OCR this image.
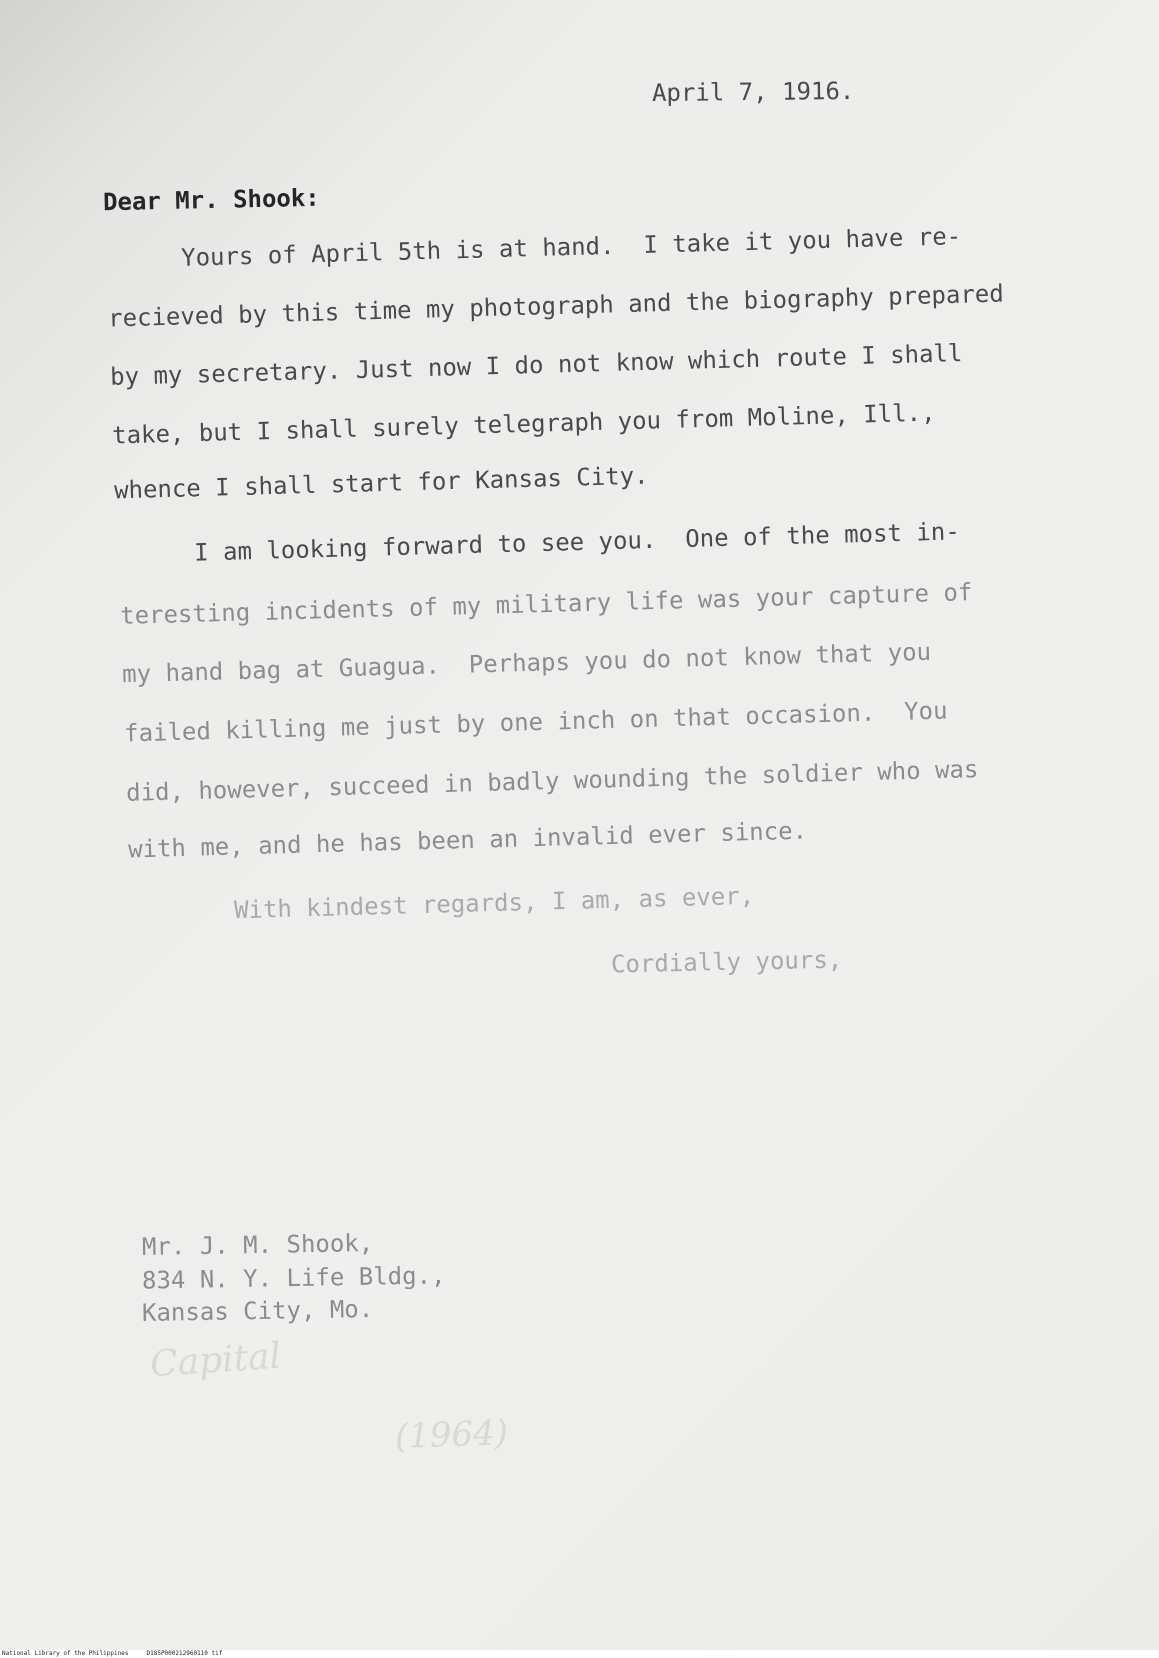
April 7, 1916.
Dear Mr. Shook:
Yours of April 5th is at hand.  I take it you have re-
recieved by this time my photograph and the biography prepared
by my secretary. Just now I do not know which route I shall
take, but I shall surely telegraph you from Moline, Ill.,
whence I shall start for Kansas City.
I am looking forward to see you.  One of the most in-
teresting incidents of my military life was your capture of
my hand bag at Guagua.  Perhaps you do not know that you
failed killing me just by one inch on that occasion.  You
did, however, succeed in badly wounding the soldier who was
with me, and he has been an invalid ever since.
With kindest regards, I am, as ever,
Cordially yours,
Mr. J. M. Shook,
834 N. Y. Life Bldg.,
Kansas City, Mo.
Capital
(1964)
National Library of the Philippines     D185P000212960110 tif
